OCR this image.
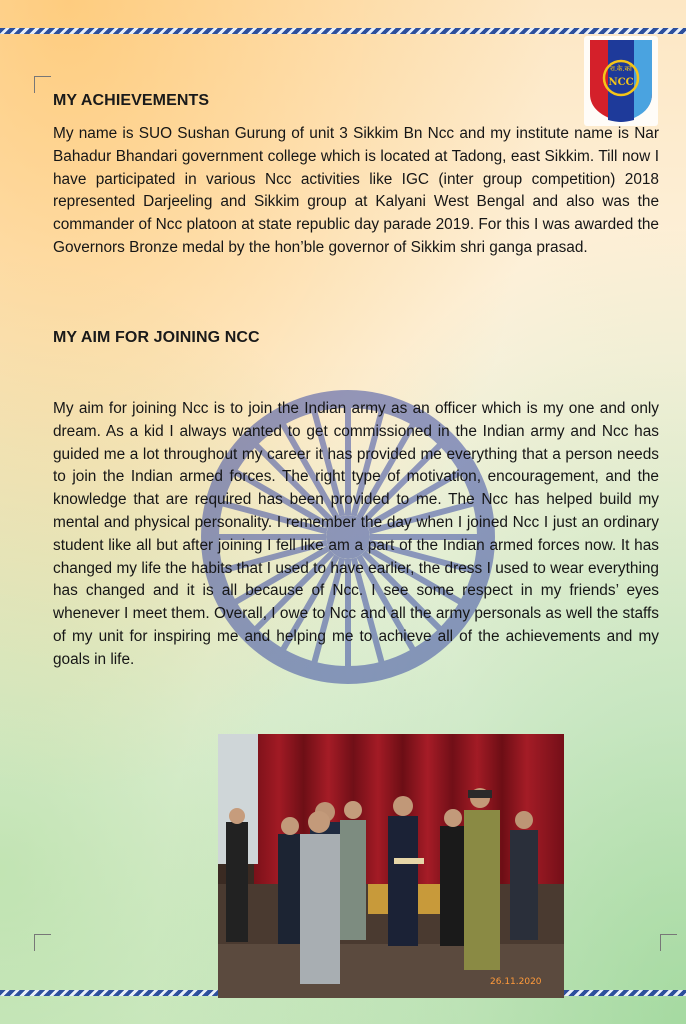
रा.के.को
NCC
MY ACHIEVEMENTS

My name is SUO Sushan Gurung of unit 3 Sikkim Bn Ncc and my institute name is Nar Bahadur Bhandari government college which is located at Tadong, east Sikkim. Till now I have participated in various Ncc activities like IGC (inter group competition) 2018 represented Darjeeling and Sikkim group at Kalyani West Bengal and also was the commander of Ncc platoon at state republic day parade 2019. For this I was awarded the Governors Bronze medal by the hon’ble governor of Sikkim shri ganga prasad.

MY AIM FOR JOINING NCC

My aim for joining Ncc is to join the Indian army as an officer which is my one and only dream. As a kid I always wanted to get commissioned in the Indian army and Ncc has guided me a lot throughout my career it has provided me everything that a person needs to join the Indian armed forces. The right type of motivation, encouragement, and the knowledge that are required has been provided to me. The Ncc has helped build my mental and physical personality. I remember the day when I joined Ncc I just an ordinary student like all but after joining I fell like am a part of the Indian armed forces now. It has changed my life the habits that I used to have earlier, the dress I used to wear everything has changed and it is all because of Ncc. I see some respect in my friends’ eyes whenever I meet them. Overall, I owe to Ncc and all the army personals as well the staffs of my unit for inspiring me and helping me to achieve all of the achievements and my goals in life.

26.11.2020
